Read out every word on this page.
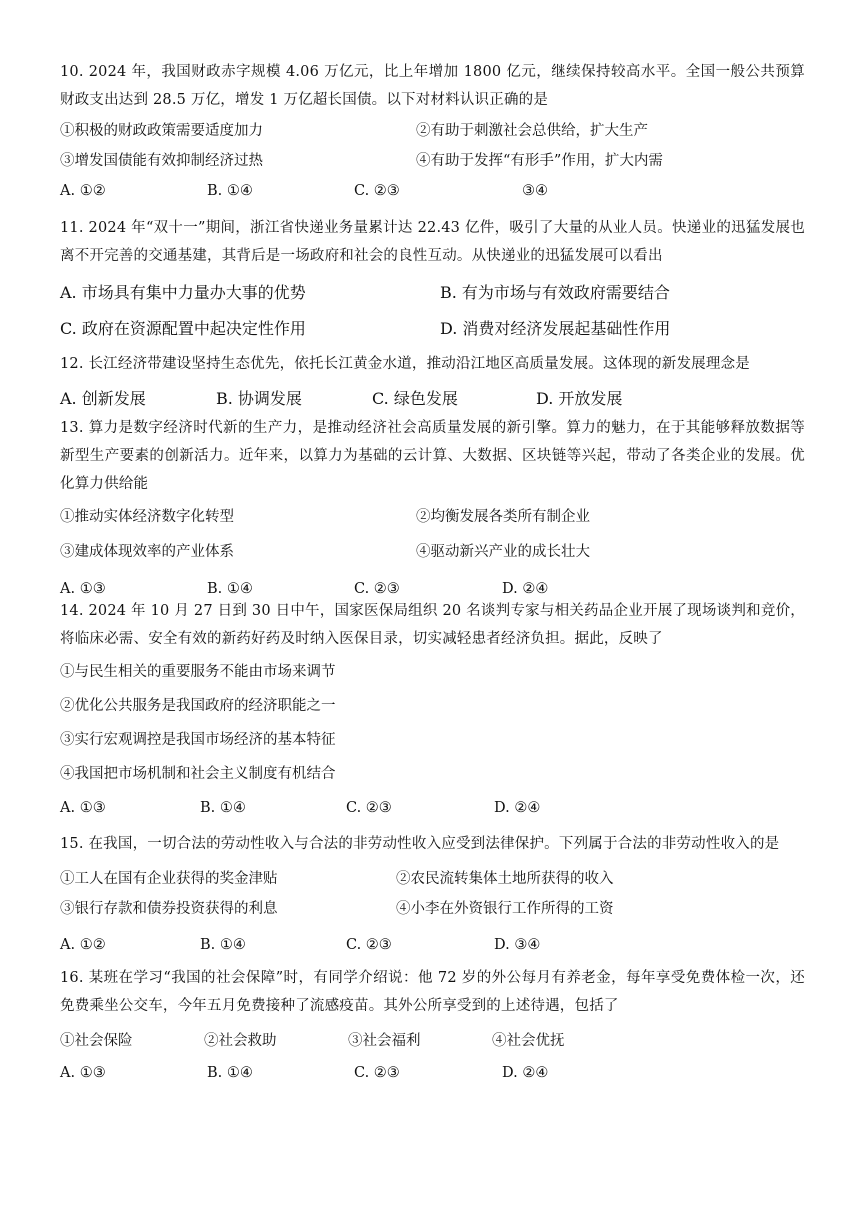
10. 2024 年，我国财政赤字规模 4.06 万亿元，比上年增加 1800 亿元，继续保持较高水平。全国一般公共预算财政支出达到 28.5 万亿，增发 1 万亿超长国债。以下对材料认识正确的是
①积极的财政政策需要适度加力	②有助于刺激社会总供给，扩大生产
③增发国债能有效抑制经济过热	④有助于发挥“有形手”作用，扩大内需
A. ①②	B. ①④	C. ②③	③④
11. 2024 年“双十一”期间，浙江省快递业务量累计达 22.43 亿件，吸引了大量的从业人员。快递业的迅猛发展也离不开完善的交通基建，其背后是一场政府和社会的良性互动。从快递业的迅猛发展可以看出
A. 市场具有集中力量办大事的优势	B. 有为市场与有效政府需要结合
C. 政府在资源配置中起决定性作用	D. 消费对经济发展起基础性作用
12. 长江经济带建设坚持生态优先，依托长江黄金水道，推动沿江地区高质量发展。这体现的新发展理念是
A. 创新发展	B. 协调发展	C. 绿色发展	D. 开放发展
13. 算力是数字经济时代新的生产力，是推动经济社会高质量发展的新引擎。算力的魅力，在于其能够释放数据等新型生产要素的创新活力。近年来，以算力为基础的云计算、大数据、区块链等兴起，带动了各类企业的发展。优化算力供给能
①推动实体经济数字化转型	②均衡发展各类所有制企业
③建成体现效率的产业体系	④驱动新兴产业的成长壮大
A. ①③	B. ①④	C. ②③	D. ②④
14. 2024 年 10 月 27 日到 30 日中午，国家医保局组织 20 名谈判专家与相关药品企业开展了现场谈判和竞价，将临床必需、安全有效的新药好药及时纳入医保目录，切实减轻患者经济负担。据此，反映了
①与民生相关的重要服务不能由市场来调节
②优化公共服务是我国政府的经济职能之一
③实行宏观调控是我国市场经济的基本特征
④我国把市场机制和社会主义制度有机结合
A. ①③	B. ①④	C. ②③	D. ②④
15. 在我国，一切合法的劳动性收入与合法的非劳动性收入应受到法律保护。下列属于合法的非劳动性收入的是
①工人在国有企业获得的奖金津贴	②农民流转集体土地所获得的收入
③银行存款和债券投资获得的利息	④小李在外资银行工作所得的工资
A. ①②	B. ①④	C. ②③	D. ③④
16. 某班在学习“我国的社会保障”时，有同学介绍说：他 72 岁的外公每月有养老金，每年享受免费体检一次，还免费乘坐公交车，今年五月免费接种了流感疫苗。其外公所享受到的上述待遇，包括了
①社会保险	②社会救助	③社会福利	④社会优抚
A. ①③	B. ①④	C. ②③	D. ②④
